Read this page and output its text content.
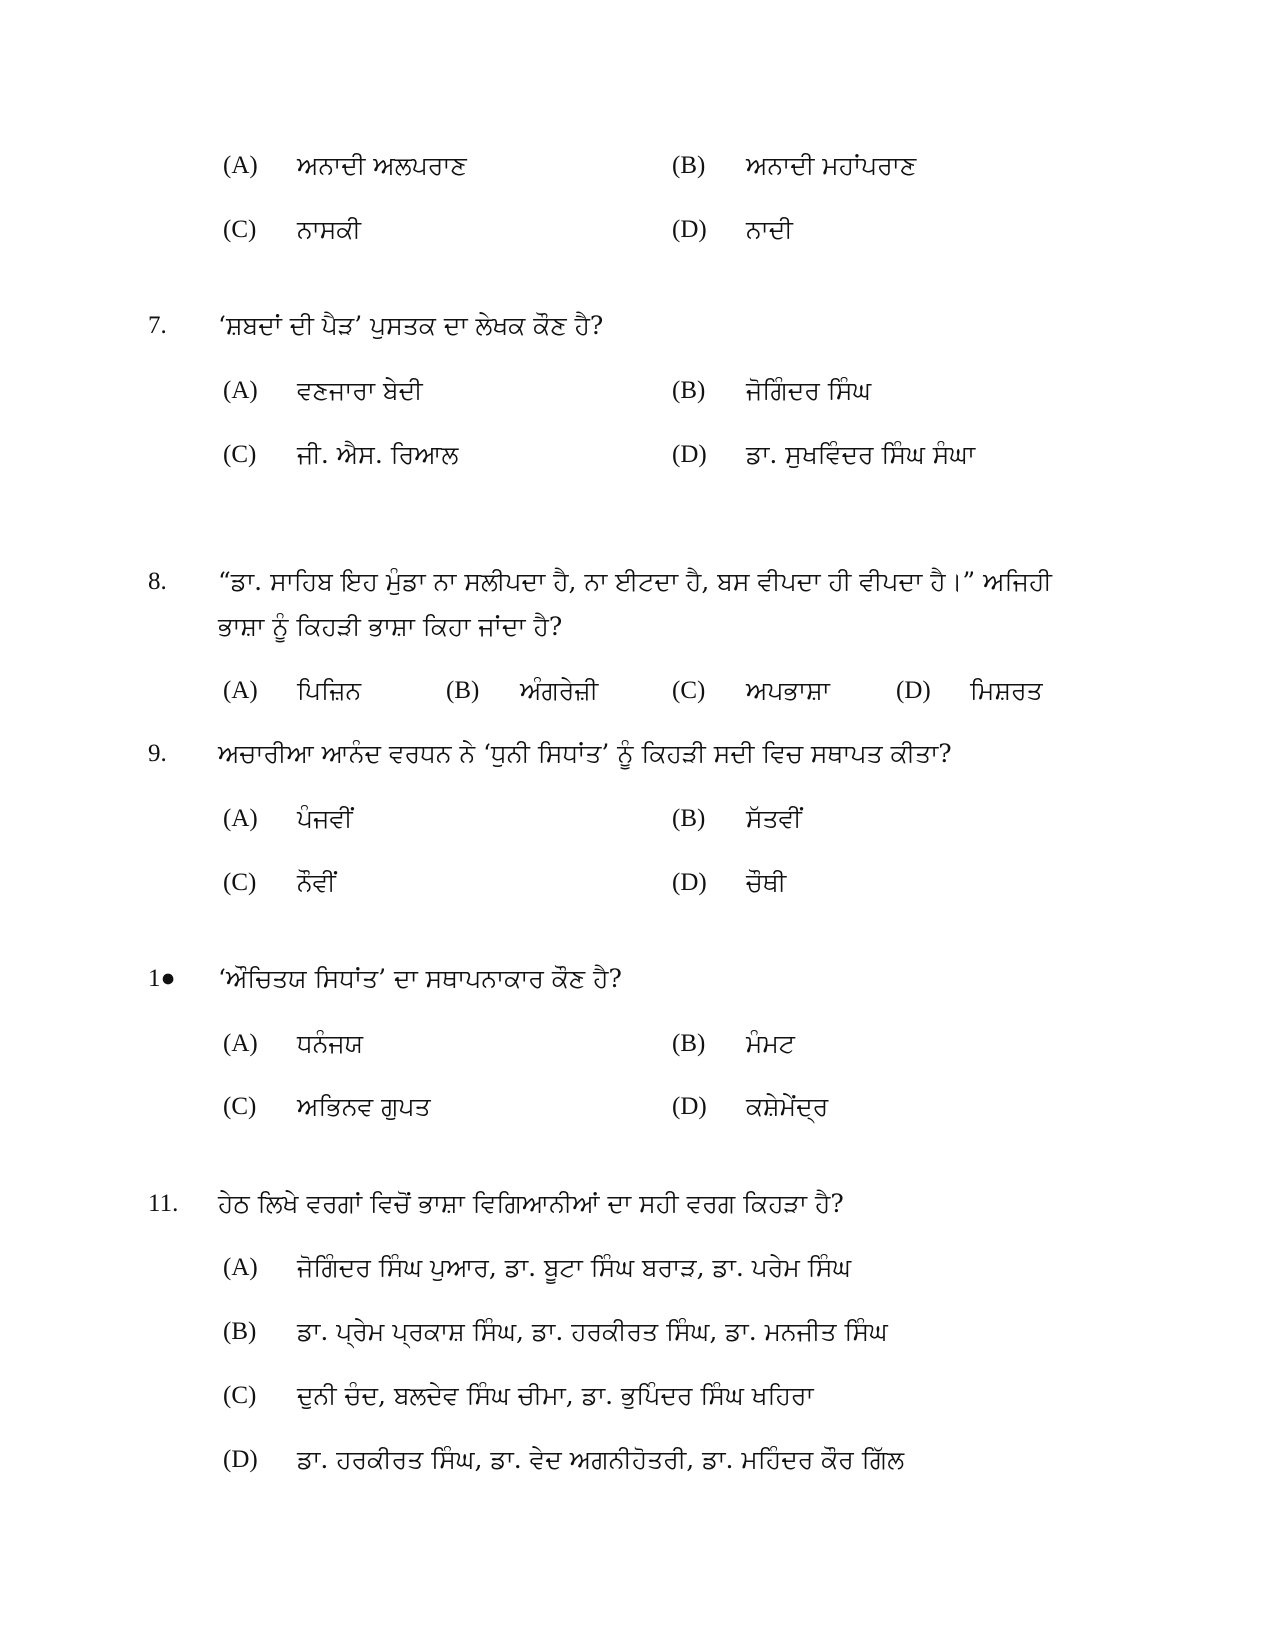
(A) ਅਨਾਦੀ ਅਲਪਰਾਣ	(B) ਅਨਾਦੀ ਮਹਾਂਪਰਾਣ
(C) ਨਾਸਕੀ	(D) ਨਾਦੀ
7. ‘ਸ਼ਬਦਾਂ ਦੀ ਪੈੜ’ ਪੁਸਤਕ ਦਾ ਲੇਖਕ ਕੌਣ ਹੈ?
(A) ਵਣਜਾਰਾ ਬੇਦੀ	(B) ਜੋਗਿੰਦਰ ਸਿੰਘ
(C) ਜੀ. ਐਸ. ਰਿਆਲ	(D) ਡਾ. ਸੁਖਵਿੰਦਰ ਸਿੰਘ ਸੰਘਾ
8. “ਡਾ. ਸਾਹਿਬ ਇਹ ਮੁੰਡਾ ਨਾ ਸਲੀਪਦਾ ਹੈ, ਨਾ ਈਟਦਾ ਹੈ, ਬਸ ਵੀਪਦਾ ਹੀ ਵੀਪਦਾ ਹੈ।” ਅਜਿਹੀ
ਭਾਸ਼ਾ ਨੂੰ ਕਿਹੜੀ ਭਾਸ਼ਾ ਕਿਹਾ ਜਾਂਦਾ ਹੈ?
(A) ਪਿਜ਼ਿਨ	(B) ਅੰਗਰੇਜ਼ੀ	(C) ਅਪਭਾਸ਼ਾ	(D) ਮਿਸ਼ਰਤ
9. ਅਚਾਰੀਆ ਆਨੰਦ ਵਰਧਨ ਨੇ ‘ਧੁਨੀ ਸਿਧਾਂਤ’ ਨੂੰ ਕਿਹੜੀ ਸਦੀ ਵਿਚ ਸਥਾਪਤ ਕੀਤਾ?
(A) ਪੰਜਵੀਂ	(B) ਸੱਤਵੀਂ
(C) ਨੌਵੀਂ	(D) ਚੌਥੀ
1● ‘ਔਚਿਤਯ ਸਿਧਾਂਤ’ ਦਾ ਸਥਾਪਨਾਕਾਰ ਕੌਣ ਹੈ?
(A) ਧਨੰਜਯ	(B) ਮੰਮਟ
(C) ਅਭਿਨਵ ਗੁਪਤ	(D) ਕਸ਼ੇਮੇਂਦ੍ਰ
11. ਹੇਠ ਲਿਖੇ ਵਰਗਾਂ ਵਿਚੋਂ ਭਾਸ਼ਾ ਵਿਗਿਆਨੀਆਂ ਦਾ ਸਹੀ ਵਰਗ ਕਿਹੜਾ ਹੈ?
(A) ਜੋਗਿੰਦਰ ਸਿੰਘ ਪੁਆਰ, ਡਾ. ਬੂਟਾ ਸਿੰਘ ਬਰਾੜ, ਡਾ. ਪਰੇਮ ਸਿੰਘ
(B) ਡਾ. ਪ੍ਰੇਮ ਪ੍ਰਕਾਸ਼ ਸਿੰਘ, ਡਾ. ਹਰਕੀਰਤ ਸਿੰਘ, ਡਾ. ਮਨਜੀਤ ਸਿੰਘ
(C) ਦੁਨੀ ਚੰਦ, ਬਲਦੇਵ ਸਿੰਘ ਚੀਮਾ, ਡਾ. ਭੁਪਿੰਦਰ ਸਿੰਘ ਖਹਿਰਾ
(D) ਡਾ. ਹਰਕੀਰਤ ਸਿੰਘ, ਡਾ. ਵੇਦ ਅਗਨੀਹੋਤਰੀ, ਡਾ. ਮਹਿੰਦਰ ਕੌਰ ਗਿੱਲ
